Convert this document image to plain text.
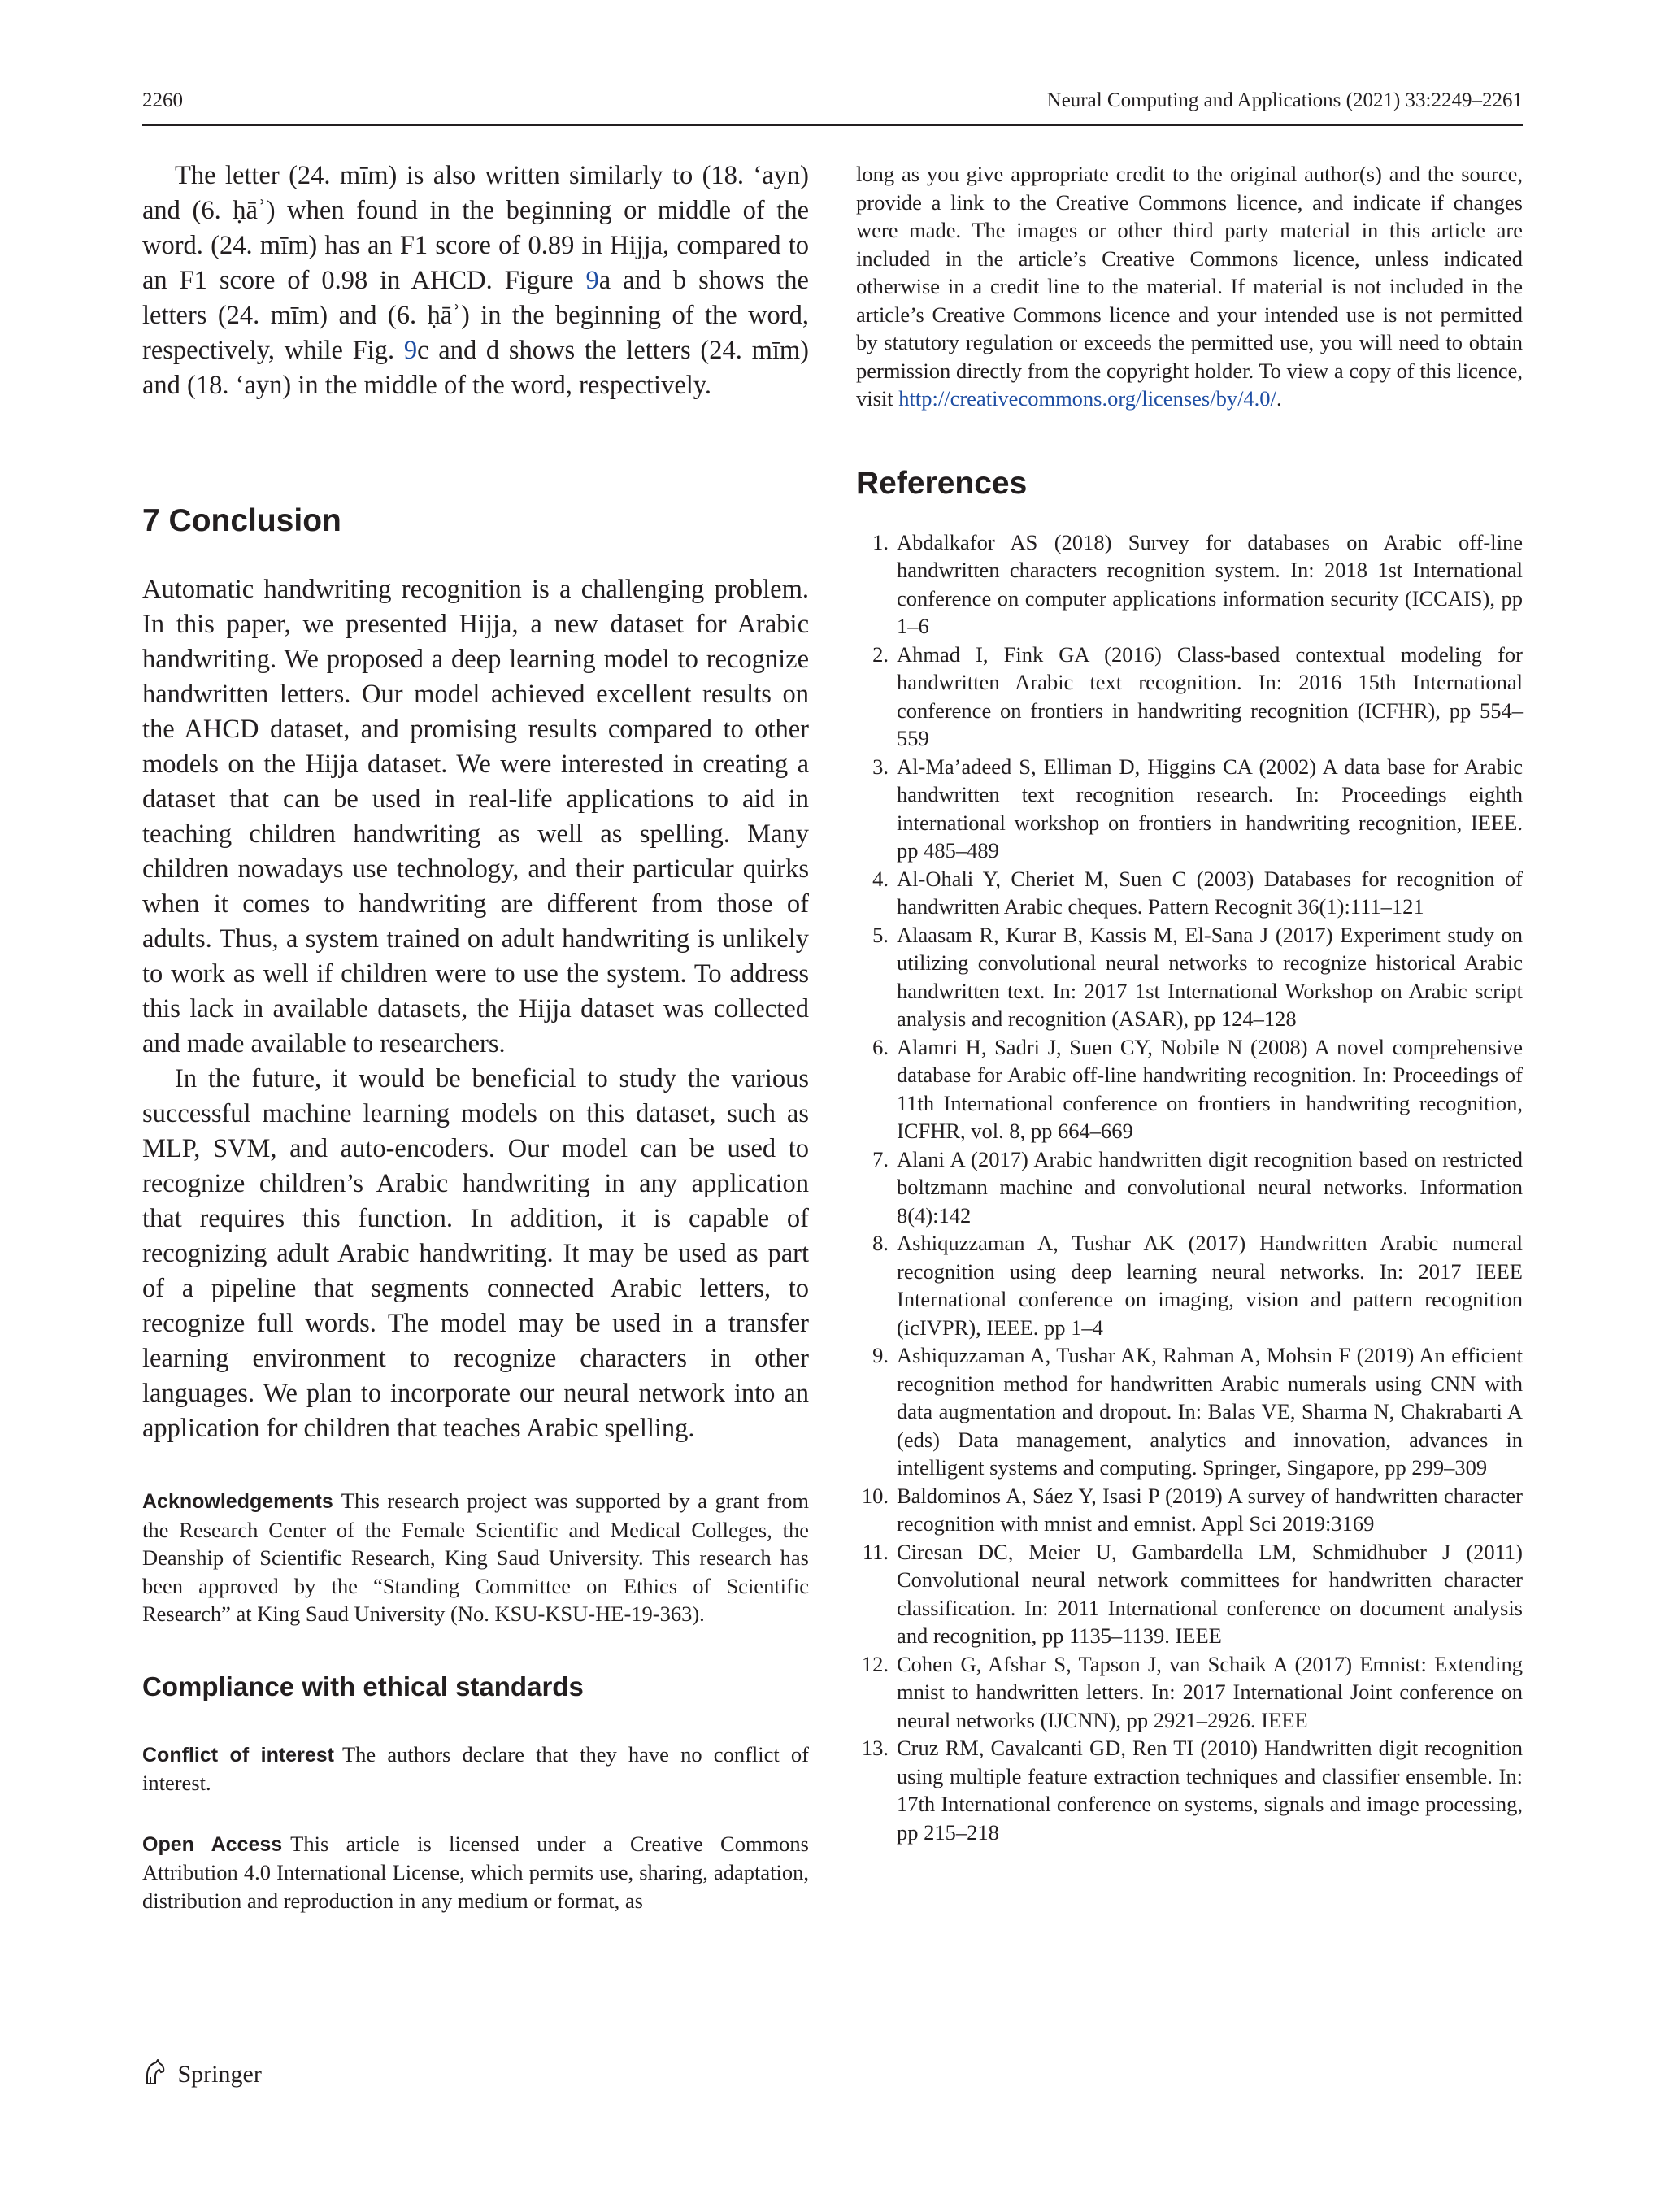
2260	Neural Computing and Applications (2021) 33:2249–2261

The letter (24. mīm) is also written similarly to (18. ‘ayn) and (6. ḥāʾ) when found in the beginning or middle of the word. (24. mīm) has an F1 score of 0.89 in Hijja, compared to an F1 score of 0.98 in AHCD. Figure 9a and b shows the letters (24. mīm) and (6. ḥāʾ) in the beginning of the word, respectively, while Fig. 9c and d shows the letters (24. mīm) and (18. ‘ayn) in the middle of the word, respectively.

7 Conclusion

Automatic handwriting recognition is a challenging problem. In this paper, we presented Hijja, a new dataset for Arabic handwriting. We proposed a deep learning model to recognize handwritten letters. Our model achieved excellent results on the AHCD dataset, and promising results compared to other models on the Hijja dataset. We were interested in creating a dataset that can be used in real-life applications to aid in teaching children handwriting as well as spelling. Many children nowadays use technology, and their particular quirks when it comes to handwriting are different from those of adults. Thus, a system trained on adult handwriting is unlikely to work as well if children were to use the system. To address this lack in available datasets, the Hijja dataset was collected and made available to researchers.

In the future, it would be beneficial to study the various successful machine learning models on this dataset, such as MLP, SVM, and auto-encoders. Our model can be used to recognize children’s Arabic handwriting in any application that requires this function. In addition, it is capable of recognizing adult Arabic handwriting. It may be used as part of a pipeline that segments connected Arabic letters, to recognize full words. The model may be used in a transfer learning environment to recognize characters in other languages. We plan to incorporate our neural network into an application for children that teaches Arabic spelling.

Acknowledgements This research project was supported by a grant from the Research Center of the Female Scientific and Medical Colleges, the Deanship of Scientific Research, King Saud University. This research has been approved by the “Standing Committee on Ethics of Scientific Research” at King Saud University (No. KSU-KSU-HE-19-363).

Compliance with ethical standards

Conflict of interest The authors declare that they have no conflict of interest.

Open Access This article is licensed under a Creative Commons Attribution 4.0 International License, which permits use, sharing, adaptation, distribution and reproduction in any medium or format, as

long as you give appropriate credit to the original author(s) and the source, provide a link to the Creative Commons licence, and indicate if changes were made. The images or other third party material in this article are included in the article’s Creative Commons licence, unless indicated otherwise in a credit line to the material. If material is not included in the article’s Creative Commons licence and your intended use is not permitted by statutory regulation or exceeds the permitted use, you will need to obtain permission directly from the copyright holder. To view a copy of this licence, visit http://creativecommons.org/licenses/by/4.0/.

References
1. Abdalkafor AS (2018) Survey for databases on Arabic off-line handwritten characters recognition system. In: 2018 1st International conference on computer applications information security (ICCAIS), pp 1–6
2. Ahmad I, Fink GA (2016) Class-based contextual modeling for handwritten Arabic text recognition. In: 2016 15th International conference on frontiers in handwriting recognition (ICFHR), pp 554–559
3. Al-Ma’adeed S, Elliman D, Higgins CA (2002) A data base for Arabic handwritten text recognition research. In: Proceedings eighth international workshop on frontiers in handwriting recognition, IEEE. pp 485–489
4. Al-Ohali Y, Cheriet M, Suen C (2003) Databases for recognition of handwritten Arabic cheques. Pattern Recognit 36(1):111–121
5. Alaasam R, Kurar B, Kassis M, El-Sana J (2017) Experiment study on utilizing convolutional neural networks to recognize historical Arabic handwritten text. In: 2017 1st International Workshop on Arabic script analysis and recognition (ASAR), pp 124–128
6. Alamri H, Sadri J, Suen CY, Nobile N (2008) A novel comprehensive database for Arabic off-line handwriting recognition. In: Proceedings of 11th International conference on frontiers in handwriting recognition, ICFHR, vol. 8, pp 664–669
7. Alani A (2017) Arabic handwritten digit recognition based on restricted boltzmann machine and convolutional neural networks. Information 8(4):142
8. Ashiquzzaman A, Tushar AK (2017) Handwritten Arabic numeral recognition using deep learning neural networks. In: 2017 IEEE International conference on imaging, vision and pattern recognition (icIVPR), IEEE. pp 1–4
9. Ashiquzzaman A, Tushar AK, Rahman A, Mohsin F (2019) An efficient recognition method for handwritten Arabic numerals using CNN with data augmentation and dropout. In: Balas VE, Sharma N, Chakrabarti A (eds) Data management, analytics and innovation, advances in intelligent systems and computing. Springer, Singapore, pp 299–309
10. Baldominos A, Sáez Y, Isasi P (2019) A survey of handwritten character recognition with mnist and emnist. Appl Sci 2019:3169
11. Ciresan DC, Meier U, Gambardella LM, Schmidhuber J (2011) Convolutional neural network committees for handwritten character classification. In: 2011 International conference on document analysis and recognition, pp 1135–1139. IEEE
12. Cohen G, Afshar S, Tapson J, van Schaik A (2017) Emnist: Extending mnist to handwritten letters. In: 2017 International Joint conference on neural networks (IJCNN), pp 2921–2926. IEEE
13. Cruz RM, Cavalcanti GD, Ren TI (2010) Handwritten digit recognition using multiple feature extraction techniques and classifier ensemble. In: 17th International conference on systems, signals and image processing, pp 215–218
Springer
